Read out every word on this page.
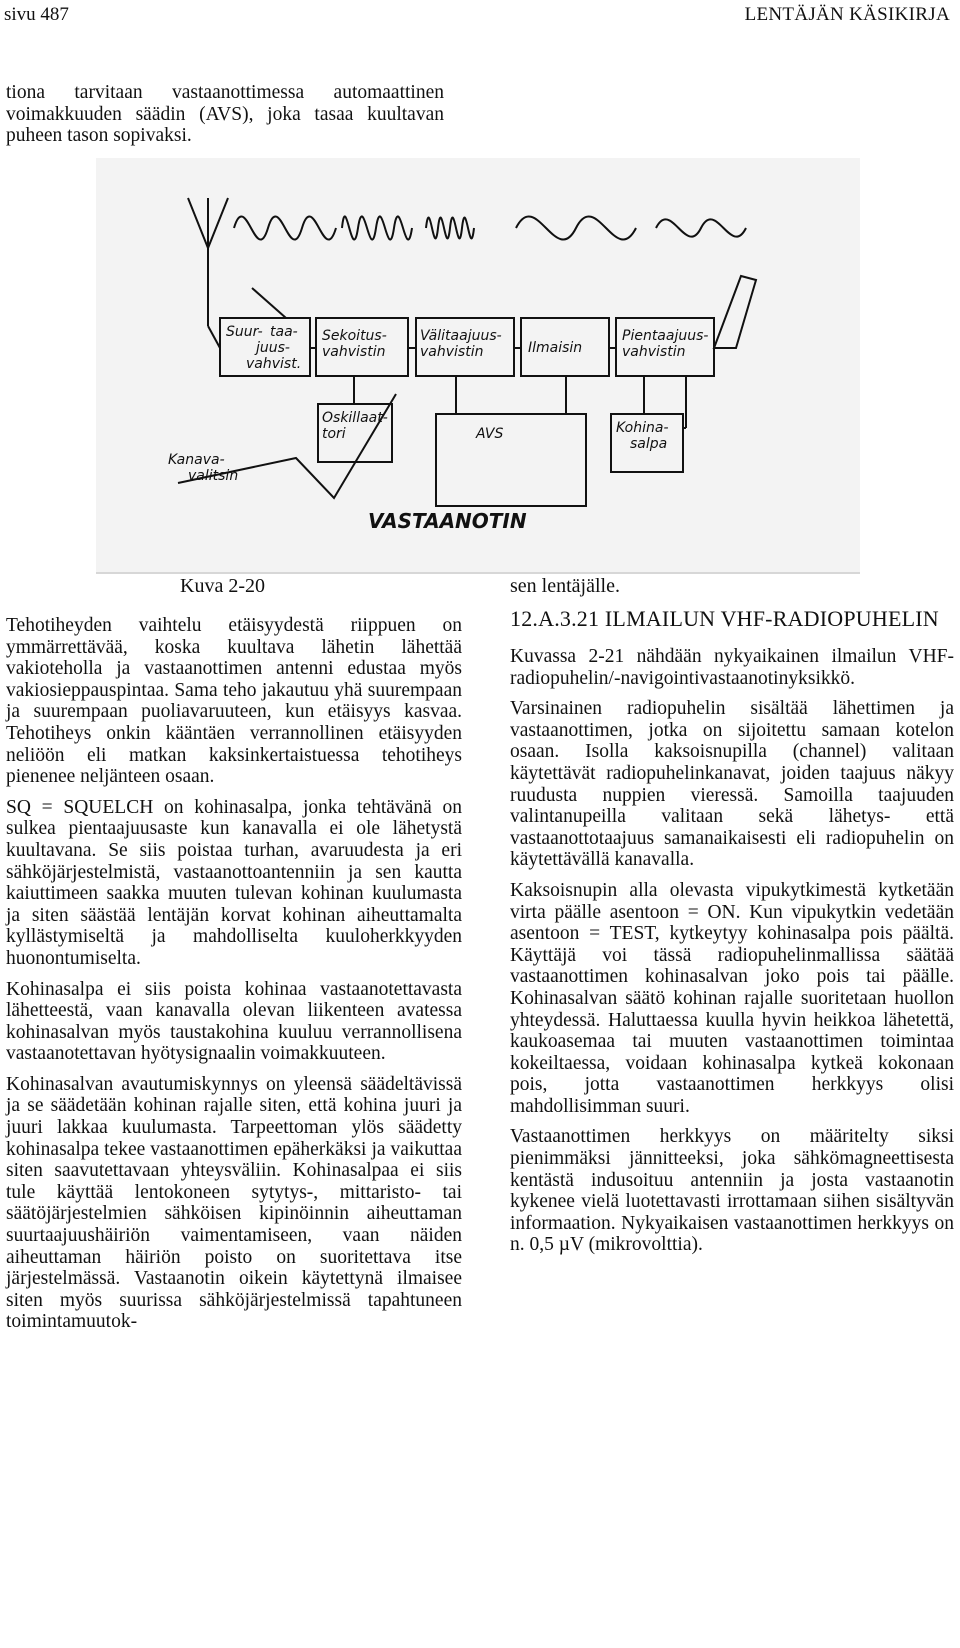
sivu 487	LENTÄJÄN KÄSIKIRJA
tiona tarvitaan vastaanottimessa automaattinen voimakkuuden säädin (AVS), joka tasaa kuultavan puheen tason sopivaksi.
Suur- taa- juus- vahvist.
Sekoitus- vahvistin
Välitaajuus- vahvistin	Ilmaisin
Pientaajuus- vahvistin
Oskillaat- tori	AVS	Kohina- salpa
Kanava- valitsin
VASTAANOTIN
Kuva 2-20	sen lentäjälle.

Tehotiheyden vaihtelu etäisyydestä riippuen on ymmärrettävää, koska kuultava lähetin lähettää vakioteholla ja vastaanottimen antenni edustaa myös vakiosieppauspintaa. Sama teho jakautuu yhä suurempaan ja suurempaan puoliavaruuteen, kun etäisyys kasvaa. Tehotiheys onkin kääntäen verrannollinen etäisyyden neliöön eli matkan kaksinkertaistuessa tehotiheys pienenee neljänteen osaan.

SQ = SQUELCH on kohinasalpa, jonka tehtävänä on sulkea pientaajuusaste kun kanavalla ei ole lähetystä kuultavana. Se siis poistaa turhan, avaruudesta ja eri sähköjärjestelmistä, vastaanottoantenniin ja sen kautta kaiuttimeen saakka muuten tulevan kohinan kuulumasta ja siten säästää lentäjän korvat kohinan aiheuttamalta kyllästymiseltä ja mahdolliselta kuuloherkkyyden huonontumiselta.

Kohinasalpa ei siis poista kohinaa vastaanotettavasta lähetteestä, vaan kanavalla olevan liikenteen avatessa kohinasalvan myös taustakohina kuuluu verrannollisena vastaanotettavan hyötysignaalin voimakkuuteen.

Kohinasalvan avautumiskynnys on yleensä säädeltävissä ja se säädetään kohinan rajalle siten, että kohina juuri ja juuri lakkaa kuulumasta. Tarpeettoman ylös säädetty kohinasalpa tekee vastaanottimen epäherkäksi ja vaikuttaa siten saavutettavaan yhteysväliin. Kohinasalpaa ei siis tule käyttää lentokoneen sytytys-, mittaristo- tai säätöjärjestelmien sähköisen kipinöinnin aiheuttaman suurtaajuushäiriön vaimentamiseen, vaan näiden aiheuttaman häiriön poisto on suoritettava itse järjestelmässä. Vastaanotin oikein käytettynä ilmaisee siten myös suurissa sähköjärjestelmissä tapahtuneen toimintamuutok-

12.A.3.21 ILMAILUN VHF-RADIOPUHELIN

Kuvassa 2-21 nähdään nykyaikainen ilmailun VHF-radiopuhelin/-navigointivastaanotinyksikkö.

Varsinainen radiopuhelin sisältää lähettimen ja vastaanottimen, jotka on sijoitettu samaan kotelon osaan. Isolla kaksoisnupilla (channel) valitaan käytettävät radiopuhelinkanavat, joiden taajuus näkyy ruudusta nuppien vieressä. Samoilla taajuuden valintanupeilla valitaan sekä lähetys- että vastaanottotaajuus samanaikaisesti eli radiopuhelin on käytettävällä kanavalla.

Kaksoisnupin alla olevasta vipukytkimestä kytketään virta päälle asentoon = ON. Kun vipukytkin vedetään asentoon = TEST, kytkeytyy kohinasalpa pois päältä. Käyttäjä voi tässä radiopuhelinmallissa säätää vastaanottimen kohinasalvan joko pois tai päälle. Kohinasalvan säätö kohinan rajalle suoritetaan huollon yhteydessä. Haluttaessa kuulla hyvin heikkoa lähetettä, kaukoasemaa tai muuten vastaanottimen toimintaa kokeiltaessa, voidaan kohinasalpa kytkeä kokonaan pois, jotta vastaanottimen herkkyys olisi mahdollisimman suuri.

Vastaanottimen herkkyys on määritelty siksi pienimmäksi jännitteeksi, joka sähkömagneettisesta kentästä indusoituu antenniin ja josta vastaanotin kykenee vielä luotettavasti irrottamaan siihen sisältyvän informaation. Nykyaikaisen vastaanottimen herkkyys on n. 0,5 µV (mikrovolttia).
